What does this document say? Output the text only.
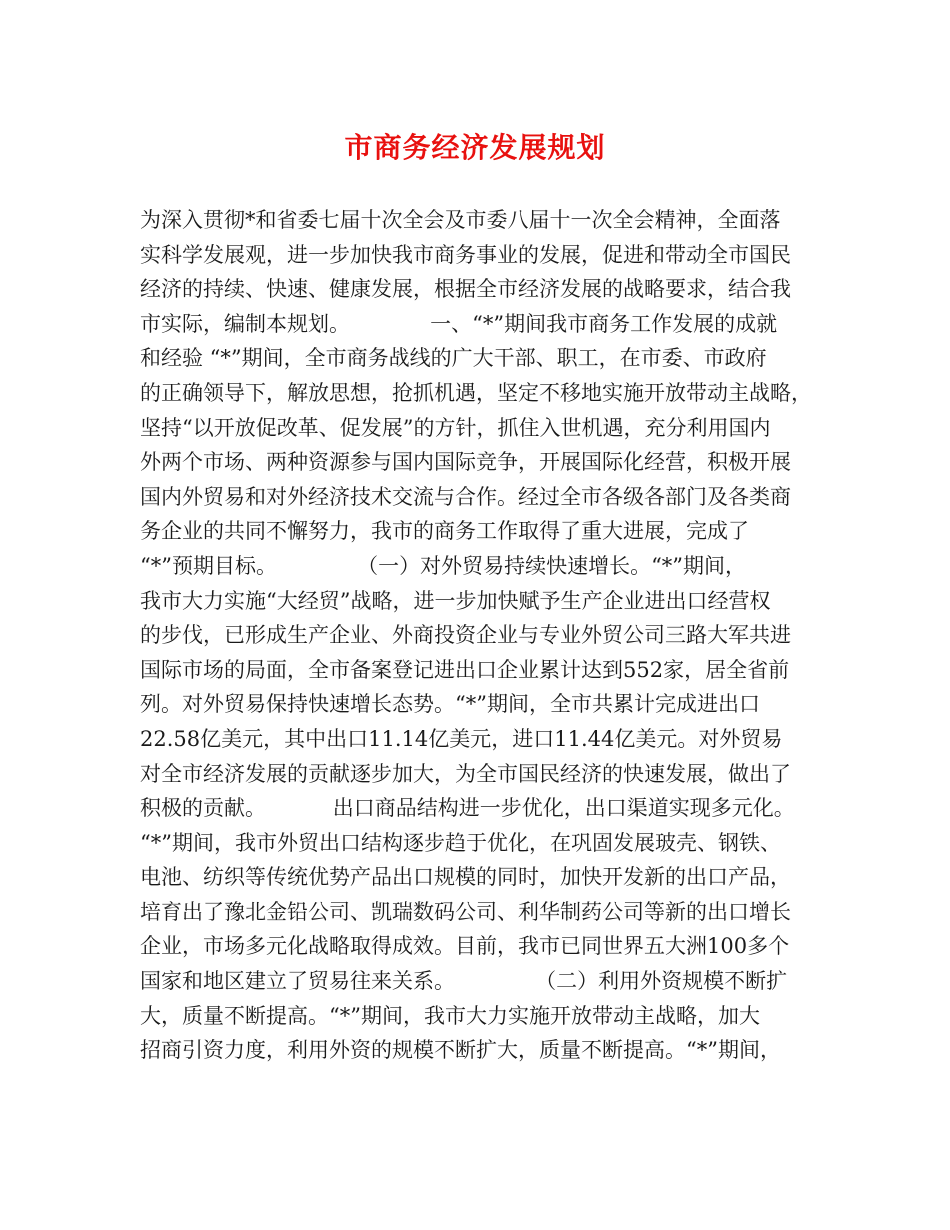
市商务经济发展规划
为深入贯彻*和省委七届十次全会及市委八届十一次全会精神，全面落
实科学发展观，进一步加快我市商务事业的发展，促进和带动全市国民
经济的持续、快速、健康发展，根据全市经济发展的战略要求，结合我
市实际，编制本规划。            一、“*”期间我市商务工作发展的成就
和经验 “*”期间，全市商务战线的广大干部、职工，在市委、市政府
的正确领导下，解放思想，抢抓机遇，坚定不移地实施开放带动主战略，
坚持“以开放促改革、促发展”的方针，抓住入世机遇，充分利用国内
外两个市场、两种资源参与国内国际竞争，开展国际化经营，积极开展
国内外贸易和对外经济技术交流与合作。经过全市各级各部门及各类商
务企业的共同不懈努力，我市的商务工作取得了重大进展，完成了
“*”预期目标。            （一）对外贸易持续快速增长。“*”期间，
我市大力实施“大经贸”战略，进一步加快赋予生产企业进出口经营权
的步伐，已形成生产企业、外商投资企业与专业外贸公司三路大军共进
国际市场的局面，全市备案登记进出口企业累计达到552家，居全省前
列。对外贸易保持快速增长态势。“*”期间，全市共累计完成进出口
22.58亿美元，其中出口11.14亿美元，进口11.44亿美元。对外贸易
对全市经济发展的贡献逐步加大，为全市国民经济的快速发展，做出了
积极的贡献。          出口商品结构进一步优化，出口渠道实现多元化。
“*”期间，我市外贸出口结构逐步趋于优化，在巩固发展玻壳、钢铁、
电池、纺织等传统优势产品出口规模的同时，加快开发新的出口产品，
培育出了豫北金铅公司、凯瑞数码公司、利华制药公司等新的出口增长
企业，市场多元化战略取得成效。目前，我市已同世界五大洲100多个
国家和地区建立了贸易往来关系。            （二）利用外资规模不断扩
大，质量不断提高。“*”期间，我市大力实施开放带动主战略，加大
招商引资力度，利用外资的规模不断扩大，质量不断提高。“*”期间，
